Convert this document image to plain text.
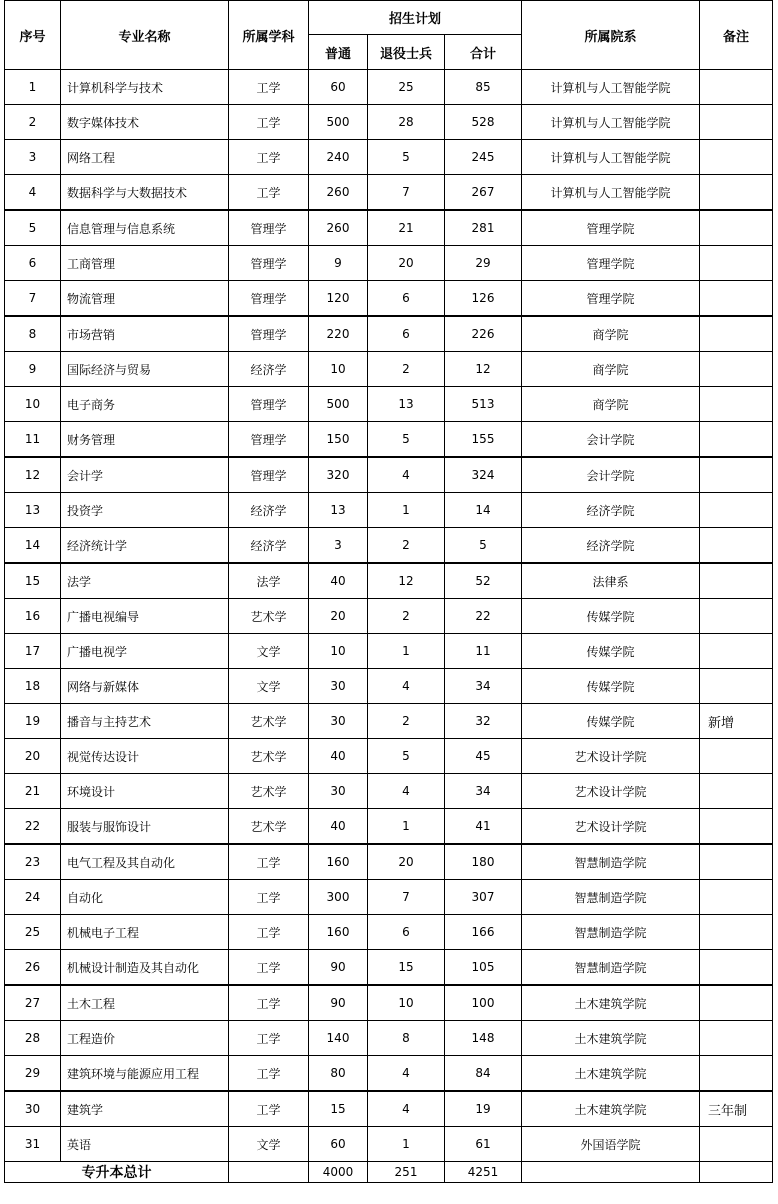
序号	专业名称	所属学科	招生计划			所属院系	备注
			普通	退役士兵	合计		
1	计算机科学与技术	工学	60	25	85	计算机与人工智能学院	
2	数字媒体技术	工学	500	28	528	计算机与人工智能学院	
3	网络工程	工学	240	5	245	计算机与人工智能学院	
4	数据科学与大数据技术	工学	260	7	267	计算机与人工智能学院	
5	信息管理与信息系统	管理学	260	21	281	管理学院	
6	工商管理	管理学	9	20	29	管理学院	
7	物流管理	管理学	120	6	126	管理学院	
8	市场营销	管理学	220	6	226	商学院	
9	国际经济与贸易	经济学	10	2	12	商学院	
10	电子商务	管理学	500	13	513	商学院	
11	财务管理	管理学	150	5	155	会计学院	
12	会计学	管理学	320	4	324	会计学院	
13	投资学	经济学	13	1	14	经济学院	
14	经济统计学	经济学	3	2	5	经济学院	
15	法学	法学	40	12	52	法律系	
16	广播电视编导	艺术学	20	2	22	传媒学院	
17	广播电视学	文学	10	1	11	传媒学院	
18	网络与新媒体	文学	30	4	34	传媒学院	
19	播音与主持艺术	艺术学	30	2	32	传媒学院	新增
20	视觉传达设计	艺术学	40	5	45	艺术设计学院	
21	环境设计	艺术学	30	4	34	艺术设计学院	
22	服装与服饰设计	艺术学	40	1	41	艺术设计学院	
23	电气工程及其自动化	工学	160	20	180	智慧制造学院	
24	自动化	工学	300	7	307	智慧制造学院	
25	机械电子工程	工学	160	6	166	智慧制造学院	
26	机械设计制造及其自动化	工学	90	15	105	智慧制造学院	
27	土木工程	工学	90	10	100	土木建筑学院	
28	工程造价	工学	140	8	148	土木建筑学院	
29	建筑环境与能源应用工程	工学	80	4	84	土木建筑学院	
30	建筑学	工学	15	4	19	土木建筑学院	三年制
31	英语	文学	60	1	61	外国语学院	
专升本总计			4000	251	4251		
